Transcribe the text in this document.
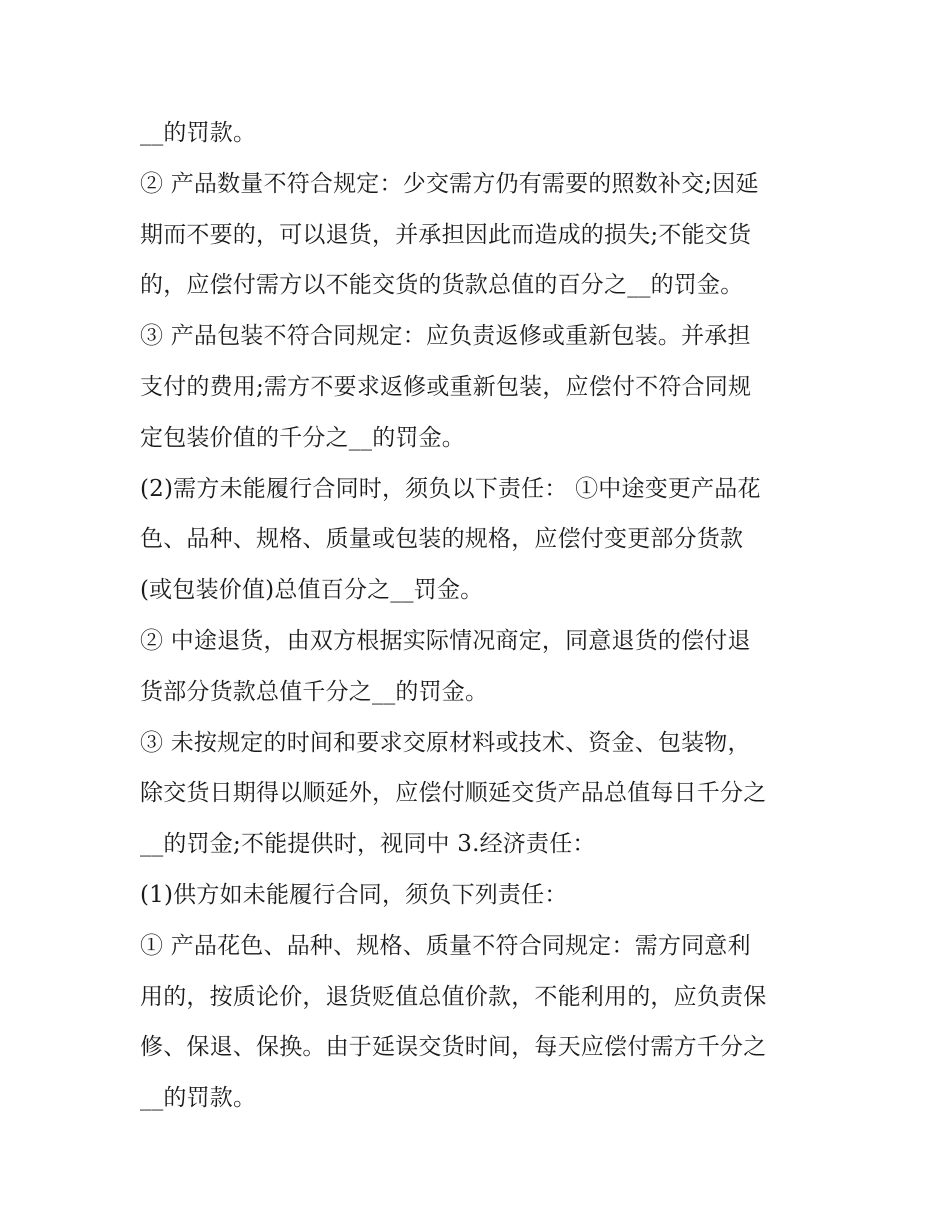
__的罚款。
② 产品数量不符合规定：少交需方仍有需要的照数补交;因延
期而不要的，可以退货，并承担因此而造成的损失;不能交货
的，应偿付需方以不能交货的货款总值的百分之__的罚金。
③ 产品包装不符合同规定：应负责返修或重新包装。并承担
支付的费用;需方不要求返修或重新包装，应偿付不符合同规
定包装价值的千分之__的罚金。
(2)需方未能履行合同时，须负以下责任： ①中途变更产品花
色、品种、规格、质量或包装的规格，应偿付变更部分货款
(或包装价值)总值百分之__罚金。
② 中途退货，由双方根据实际情况商定，同意退货的偿付退
货部分货款总值千分之__的罚金。
③ 未按规定的时间和要求交原材料或技术、资金、包装物，
除交货日期得以顺延外，应偿付顺延交货产品总值每日千分之
__的罚金;不能提供时，视同中 3.经济责任：
(1)供方如未能履行合同，须负下列责任：
① 产品花色、品种、规格、质量不符合同规定：需方同意利
用的，按质论价，退货贬值总值价款，不能利用的，应负责保
修、保退、保换。由于延误交货时间，每天应偿付需方千分之
__的罚款。
